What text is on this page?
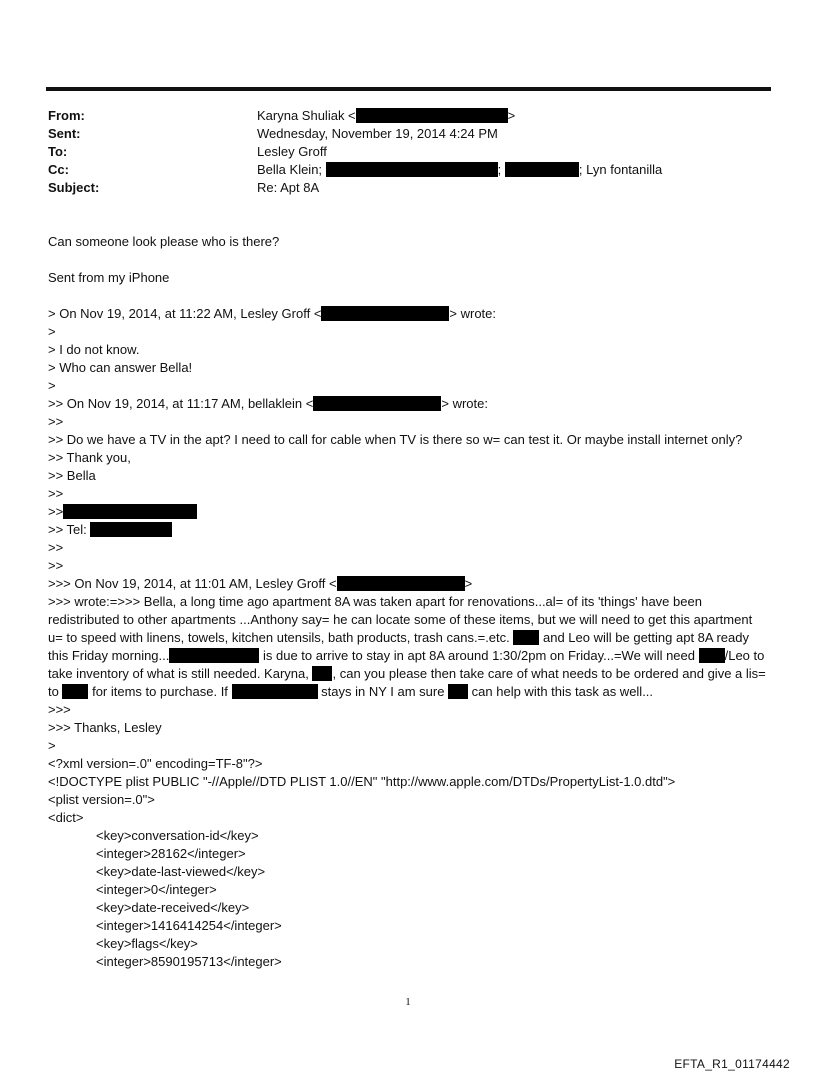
From:	Karyna Shuliak <	>
Sent:	Wednesday, November 19, 2014 4:24 PM
To:	Lesley Groff
Cc:	Bella Klein;	;	; Lyn fontanilla
Subject:	Re: Apt 8A
Can someone look please who is there?
Sent from my iPhone
> On Nov 19, 2014, at 11:22 AM, Lesley Groff <	> wrote:
>
> I do not know.
> Who can answer Bella!
>
>> On Nov 19, 2014, at 11:17 AM, bellaklein <	> wrote:
>>
>> Do we have a TV in the apt? I need to call for cable when TV is there so w= can test it. Or maybe install internet only?
>> Thank you,
>> Bella
>>
>>
>> Tel:
>>
>>
>>> On Nov 19, 2014, at 11:01 AM, Lesley Groff <	>
>>> wrote:=>>> Bella, a long time ago apartment 8A was taken apart for renovations...al= of its 'things' have been redistributed to other apartments ...Anthony say= he can locate some of these items, but we will need to get this apartment u= to speed with linens, towels, kitchen utensils, bath products, trash cans.=.etc.  and Leo will be getting apt 8A ready this Friday morning...	is due to arrive to stay in apt 8A around 1:30/2pm on Friday...=We will need /Leo to take inventory of what is still needed. Karyna, , can you please then take care of what needs to be ordered and give a lis= to  for items to purchase. If	stays in NY I am sure  can help with this task as well...
>>>
>>> Thanks, Lesley
>
<?xml version=.0" encoding=TF-8"?>
<!DOCTYPE plist PUBLIC "-//Apple//DTD PLIST 1.0//EN" "http://www.apple.com/DTDs/PropertyList-1.0.dtd">
<plist version=.0">
<dict>
<key>conversation-id</key>
<integer>28162</integer>
<key>date-last-viewed</key>
<integer>0</integer>
<key>date-received</key>
<integer>1416414254</integer>
<key>flags</key>
<integer>8590195713</integer>
1
EFTA_R1_01174442
